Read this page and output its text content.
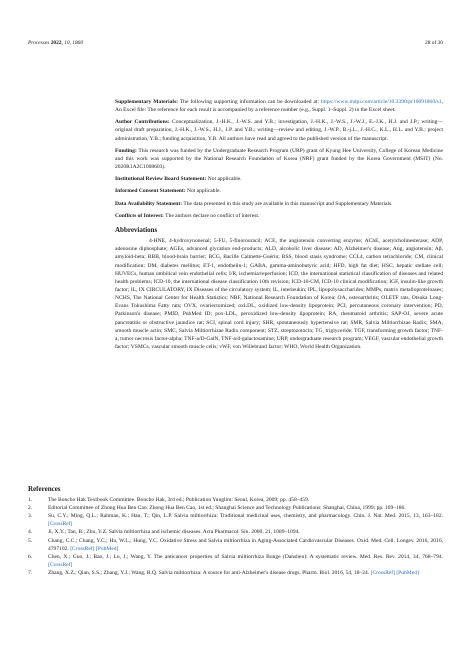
Processes 2022, 10, 1860	28 of 30

Supplementary Materials: The following supporting information can be downloaded at: https://www.mdpi.com/article/10.3390/pr10091860/s1, An Excel file: The reference for each result is accompanied by a reference number (e.g., Suppl. 1–Suppl. 2) in the Excel sheet.

Author Contributions: Conceptualization, J.-H.K., J.-W.S. and Y.B.; investigation, J.-H.K., J.-W.S., J.-W.J., E.-J.K., H.J. and J.P.; writing—original draft preparation, J.-H.K., J.-W.S., H.J., J.P. and Y.B.; writing—review and editing, J.-W.P., B.-j.L., J.-H.C., K.L., H.L. and Y.B.; project administration, Y.B.; funding acquisition, Y.B. All authors have read and agreed to the published version of the manuscript.

Funding: This research was funded by the Undergraduate Research Program (URP) grant of Kyung Hee University, College of Korean Medicine and this work was supported by the National Research Foundation of Korea (NRF) grant funded by the Korea Government (MSIT) (No. 2020R1A2C1008603).

Institutional Review Board Statement: Not applicable.

Informed Consent Statement: Not applicable.

Data Availability Statement: The data presented in this study are available in this manuscript and Supplementary Materials.

Conflicts of Interest: The authors declare no conflict of interest.

Abbreviations

4-HNE, 4-hydroxynonenal; 5-FU, 5-fluorouracil; ACE, the angiotensin converting enzyme; AChE, acetylcholinesterase; ADP, adenosine diphosphate; AGEs, advanced glycation end-products; ALD, alcoholic liver disease; AD, Alzheimer's disease; Ang, angiotensin; Aβ, amyloid-beta; BBB, blood-brain barrier; BCG, Bacille Calmette-Guérin; BSS, blood stasis syndrome; CCL4, carbon tetrachloride; CM, clinical modification; DM, diabetes mellitus; ET-1, endothelin-1; GABA, gamma-aminobutyric acid; HFD, high fat diet; HSC, hepatic stellate cell; HUVECs, human umbilical vein endothelial cells; I/R, ischemia/reperfusion; ICD, the international statistical classification of diseases and related health problems; ICD-10, the international disease classification 10th revision; ICD-10-CM, ICD-10 clinical modification; IGF, insulin-like growth factor; IL, IX CIRCULATORY, IX Diseases of the circulatory system; IL, interleukin; IPL, lipopolysaccharides; MMPs, matrix metalloproteinases; NCHS, The National Center for Health Statistics; NRF, National Research Foundation of Korea; OA, osteoarthritis; OLETF rats, Otsuka Long-Evans Tokushima Fatty rats; OVX, ovariectomized; oxLDL, oxidized low-density lipoprotein; PCI, percutaneous coronary intervention; PD, Parkinson's disease; PMID, PubMed ID; pox-LDL, peroxidized low-density lipoprotein; RA, rheumatoid arthritis; SAP-OJ, severe acute pancreatitis or obstructive jaundice rat; SCI, spinal cord injury; SHR, spontaneously hypertensive rat; SMR, Salvia Miltiorrhizae Radix; SMA, smooth muscle actin; SMC, Salvia Miltiorrhizae Radix component; STZ, streptozotocin; TG, triglyceride; TGF, transforming growth factor; TNF-a, tumor necrosis factor-alpha; TNF-a/D-GalN, TNF-a/d-galactosamine; URP, undergraduate research program; VEGF, vascular endothelial growth factor; VSMCs, vascular smooth muscle cells; vWF, von Willebrand factor; WHO, World Health Organization.

References
1.	The Boncho Hak Textbook Committee. Boncho Hak, 3rd ed.; Publication Yunglim: Seoul, Korea, 2009; pp. 458–459.
2.	Editorial Committee of Zhong Hua Ben Cao. Zhong Hua Ben Cao, 1st ed.; Shanghai Science and Technology Publications: Shanghai, China, 1999; pp. 169–186.
3.	Su, C.Y.; Ming, Q.L.; Rahman, K.; Han, T.; Qin, L.P. Salvia miltiorrhiza: Traditional medicinal uses, chemistry, and pharmacology. Chin. J. Nat. Med. 2015, 13, 163–182. [CrossRef]
4.	Ji, X.Y.; Tan, B.; Zhu, Y.Z. Salvia miltiorrhiza and ischemic diseases. Acta Pharmacol. Sin. 2000, 21, 1089–1094.
5.	Chang, C.C.; Chang, Y.C.; Hu, W.L.; Hung, Y.C. Oxidative Stress and Salvia miltiorrhiza in Aging-Associated Cardiovascular Diseases. Oxid. Med. Cell. Longev. 2016, 2016, 4797102. [CrossRef] [PubMed]
6.	Chen, X.; Guo, J.; Bao, J.; Lu, J.; Wang, Y. The anticancer properties of Salvia miltiorrhiza Bunge (Danshen): A systematic review. Med. Res. Rev. 2014, 34, 768–794. [CrossRef]
7.	Zhang, X.Z.; Qian, S.S.; Zhang, Y.J.; Wang, R.Q. Salvia miltiorrhiza: A source for anti-Alzheimer's disease drugs. Pharm. Biol. 2016, 54, 18–24. [CrossRef] [PubMed]
